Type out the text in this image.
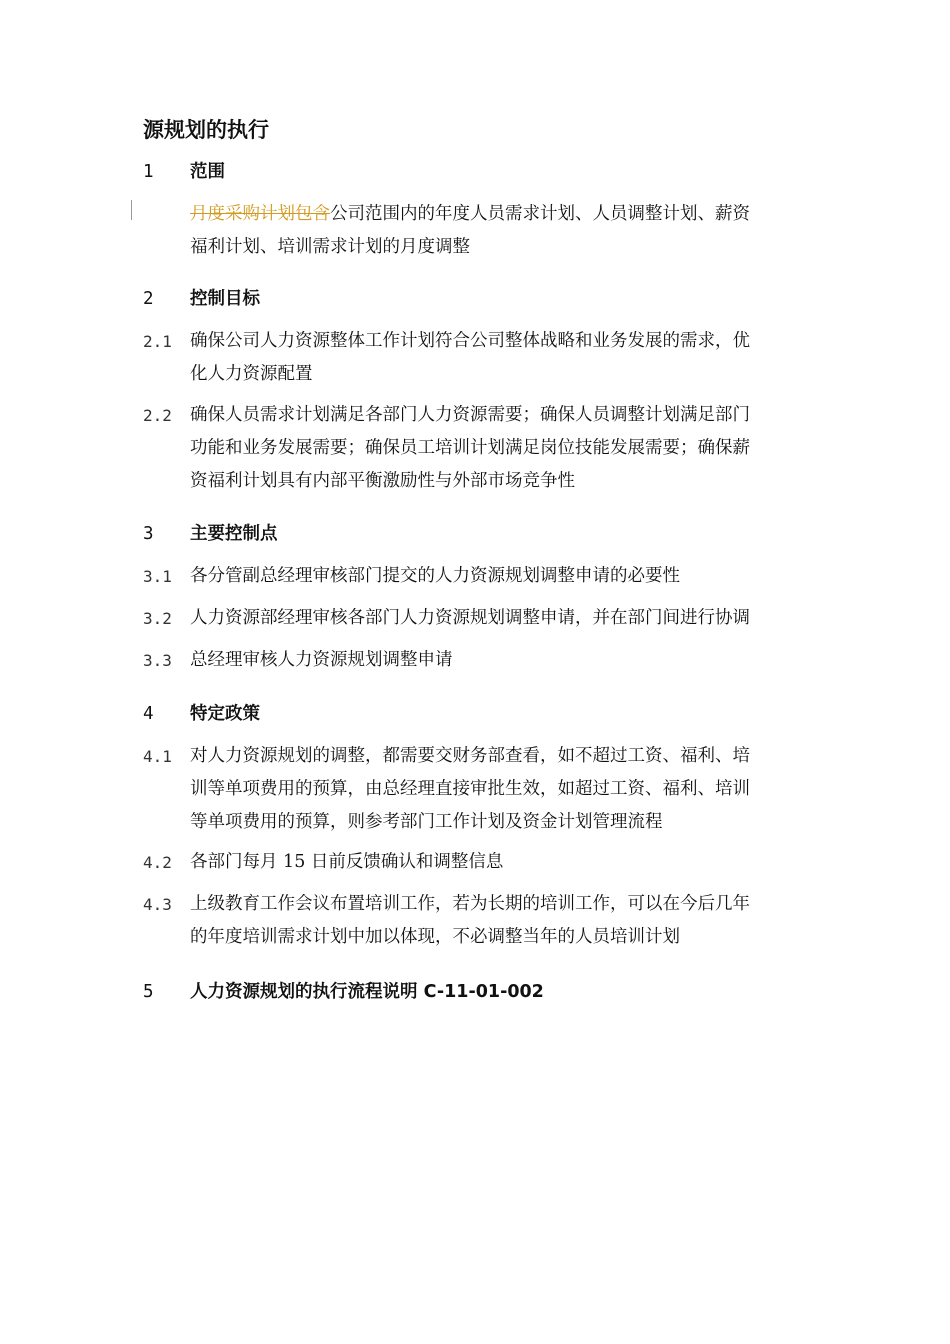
源规划的执行
1 范围
月度采购计划包含公司范围内的年度人员需求计划、人员调整计划、薪资
福利计划、培训需求计划的月度调整
2 控制目标
2.1	确保公司人力资源整体工作计划符合公司整体战略和业务发展的需求，优
化人力资源配置
2.2	确保人员需求计划满足各部门人力资源需要；确保人员调整计划满足部门
功能和业务发展需要；确保员工培训计划满足岗位技能发展需要；确保薪
资福利计划具有内部平衡激励性与外部市场竞争性
3 主要控制点
3.1	各分管副总经理审核部门提交的人力资源规划调整申请的必要性
3.2	人力资源部经理审核各部门人力资源规划调整申请，并在部门间进行协调
3.3	总经理审核人力资源规划调整申请
4 特定政策
4.1	对人力资源规划的调整，都需要交财务部查看，如不超过工资、福利、培
训等单项费用的预算，由总经理直接审批生效，如超过工资、福利、培训
等单项费用的预算，则参考部门工作计划及资金计划管理流程
4.2	各部门每月 15 日前反馈确认和调整信息
4.3	上级教育工作会议布置培训工作，若为长期的培训工作，可以在今后几年
的年度培训需求计划中加以体现，不必调整当年的人员培训计划
5 人力资源规划的执行流程说明 C-11-01-002
